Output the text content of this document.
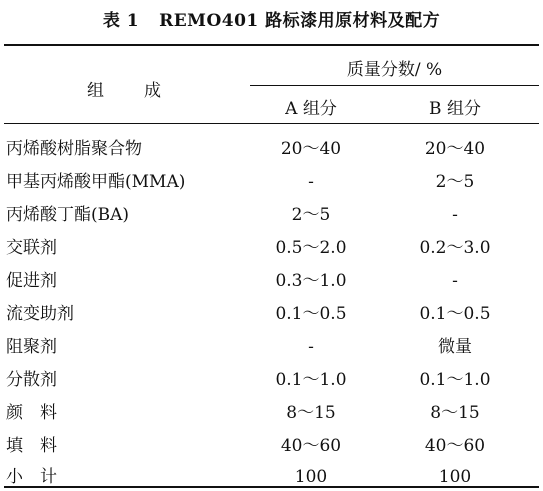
表 1 REMO401 路标漆用原材料及配方
组　　成
质量分数/ %
A 组分	B 组分
丙烯酸树脂聚合物	20～40	20～40
甲基丙烯酸甲酯(MMA)	-	2～5
丙烯酸丁酯(BA)	2～5	-
交联剂	0.5～2.0	0.2～3.0
促进剂	0.3～1.0	-
流变助剂	0.1～0.5	0.1～0.5
阻聚剂	-	微量
分散剂	0.1～1.0	0.1～1.0
颜　料	8～15	8～15
填　料	40～60	40～60
小　计	100	100
